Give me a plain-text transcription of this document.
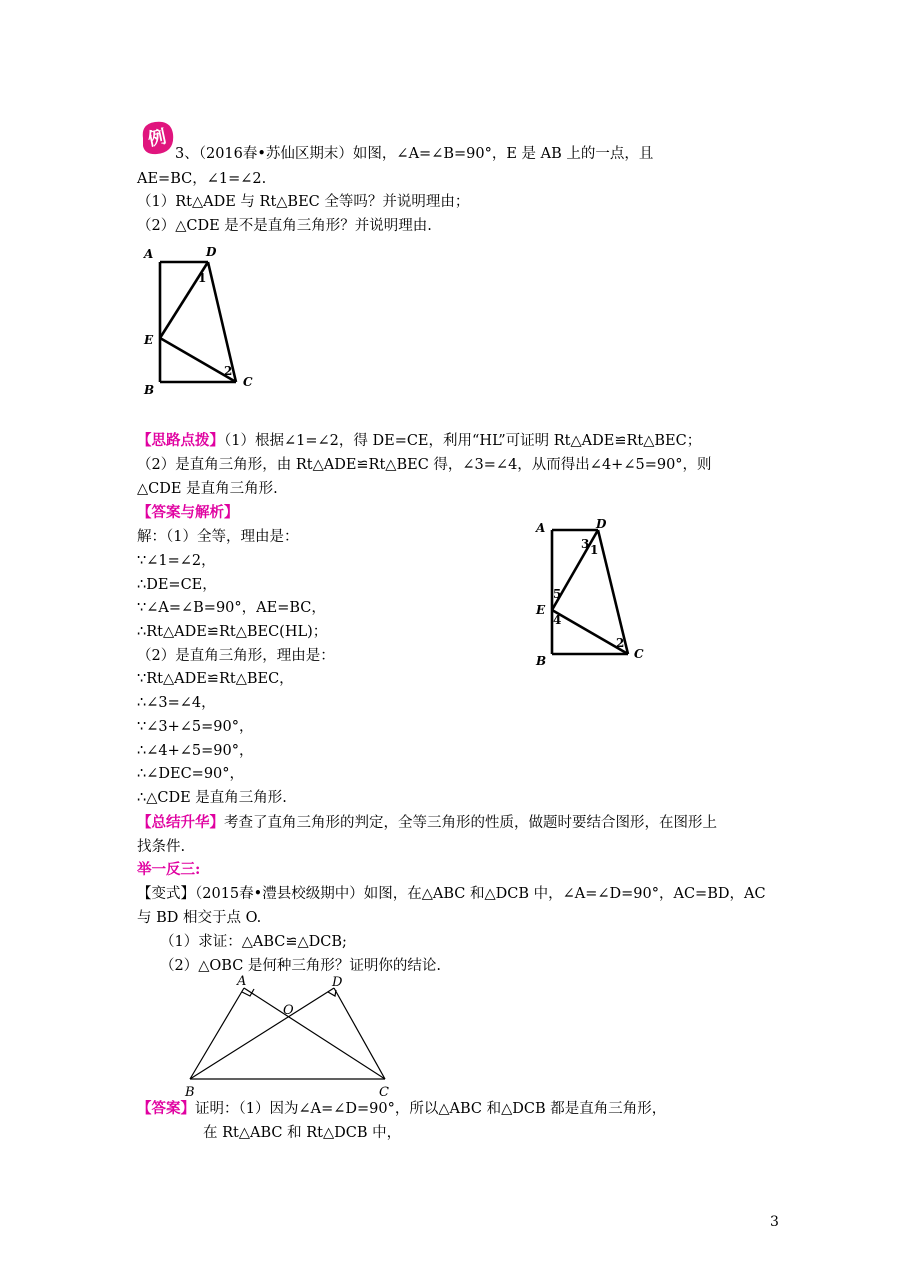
例
3、（2016春•苏仙区期末）如图，∠A=∠B=90°，E 是 AB 上的一点，且
AE=BC，∠1=∠2.
（1）Rt△ADE 与 Rt△BEC 全等吗？并说明理由；
（2）△CDE 是不是直角三角形？并说明理由.
A	D
E
B
C
1
2
【思路点拨】（1）根据∠1=∠2，得 DE=CE，利用“HL”可证明 Rt△ADE≌Rt△BEC；
（2）是直角三角形，由 Rt△ADE≌Rt△BEC 得，∠3=∠4，从而得出∠4+∠5=90°，则
△CDE 是直角三角形.
【答案与解析】
解：（1）全等，理由是：
∵∠1=∠2，
∴DE=CE，
∵∠A=∠B=90°，AE=BC，
∴Rt△ADE≌Rt△BEC(HL)；
（2）是直角三角形，理由是：
∵Rt△ADE≌Rt△BEC，
∴∠3=∠4，
∵∠3+∠5=90°，
∴∠4+∠5=90°，
∴∠DEC=90°，
∴△CDE 是直角三角形.
A	D
E
B	C
3 1
5
4
2
【总结升华】考查了直角三角形的判定，全等三角形的性质，做题时要结合图形，在图形上
找条件.
举一反三:
【变式】（2015春•澧县校级期中）如图，在△ABC 和△DCB 中，∠A=∠D=90°，AC=BD，AC
与 BD 相交于点 O.
（1）求证：△ABC≌△DCB;
（2）△OBC 是何种三角形？证明你的结论.
A	D
O
B	C
【答案】证明：（1）因为∠A=∠D=90°，所以△ABC 和△DCB 都是直角三角形，
在 Rt△ABC 和 Rt△DCB 中，
3
